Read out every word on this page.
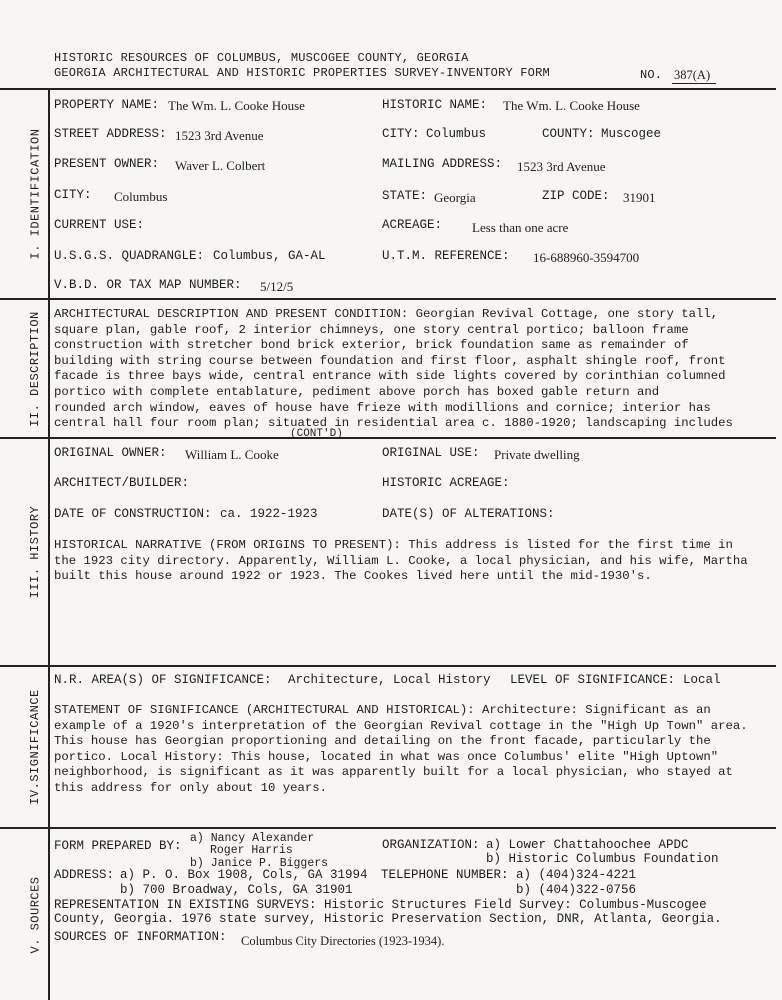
HISTORIC RESOURCES OF COLUMBUS, MUSCOGEE COUNTY, GEORGIA
GEORGIA ARCHITECTURAL AND HISTORIC PROPERTIES SURVEY-INVENTORY FORM	NO. 387(A)
I. IDENTIFICATION
II. DESCRIPTION
III. HISTORY
IV.SIGNIFICANCE
V. SOURCES
PROPERTY NAME: The Wm. L. Cooke House	HISTORIC NAME: The Wm. L. Cooke House
STREET ADDRESS: 1523 3rd Avenue	CITY: Columbus	COUNTY: Muscogee
PRESENT OWNER: Waver L. Colbert	MAILING ADDRESS: 1523 3rd Avenue
CITY: Columbus	STATE: Georgia	ZIP CODE: 31901
CURRENT USE:	ACREAGE: Less than one acre
U.S.G.S. QUADRANGLE: Columbus, GA-AL	U.T.M. REFERENCE: 16-688960-3594700
V.B.D. OR TAX MAP NUMBER: 5/12/5
ARCHITECTURAL DESCRIPTION AND PRESENT CONDITION: Georgian Revival Cottage, one story tall,
square plan, gable roof, 2 interior chimneys, one story central portico; balloon frame
construction with stretcher bond brick exterior, brick foundation same as remainder of
building with string course between foundation and first floor, asphalt shingle roof, front
facade is three bays wide, central entrance with side lights covered by corinthian columned
portico with complete entablature, pediment above porch has boxed gable return and
rounded arch window, eaves of house have frieze with modillions and cornice; interior has
central hall four room plan; situated in residential area c. 1880-1920; landscaping includes
(CONT'D)
ORIGINAL OWNER: William L. Cooke	ORIGINAL USE: Private dwelling
ARCHITECT/BUILDER:	HISTORIC ACREAGE:
DATE OF CONSTRUCTION: ca. 1922-1923	DATE(S) OF ALTERATIONS:
HISTORICAL NARRATIVE (FROM ORIGINS TO PRESENT): This address is listed for the first time in
the 1923 city directory. Apparently, William L. Cooke, a local physician, and his wife, Martha
built this house around 1922 or 1923. The Cookes lived here until the mid-1930's.
N.R. AREA(S) OF SIGNIFICANCE: Architecture, Local History LEVEL OF SIGNIFICANCE: Local
STATEMENT OF SIGNIFICANCE (ARCHITECTURAL AND HISTORICAL): Architecture: Significant as an
example of a 1920's interpretation of the Georgian Revival cottage in the "High Up Town" area.
This house has Georgian proportioning and detailing on the front facade, particularly the
portico. Local History: This house, located in what was once Columbus' elite "High Uptown"
neighborhood, is significant as it was apparently built for a local physician, who stayed at
this address for only about 10 years.
FORM PREPARED BY:
a) Nancy Alexander
Roger Harris
b) Janice P. Biggers
ORGANIZATION: a) Lower Chattahoochee APDC
b) Historic Columbus Foundation
ADDRESS: a) P. O. Box 1908, Cols, GA 31994
b) 700 Broadway, Cols, GA 31901
TELEPHONE NUMBER: a) (404)324-4221
b) (404)322-0756
REPRESENTATION IN EXISTING SURVEYS: Historic Structures Field Survey: Columbus-Muscogee
County, Georgia. 1976 state survey, Historic Preservation Section, DNR, Atlanta, Georgia.
SOURCES OF INFORMATION: Columbus City Directories (1923-1934).
